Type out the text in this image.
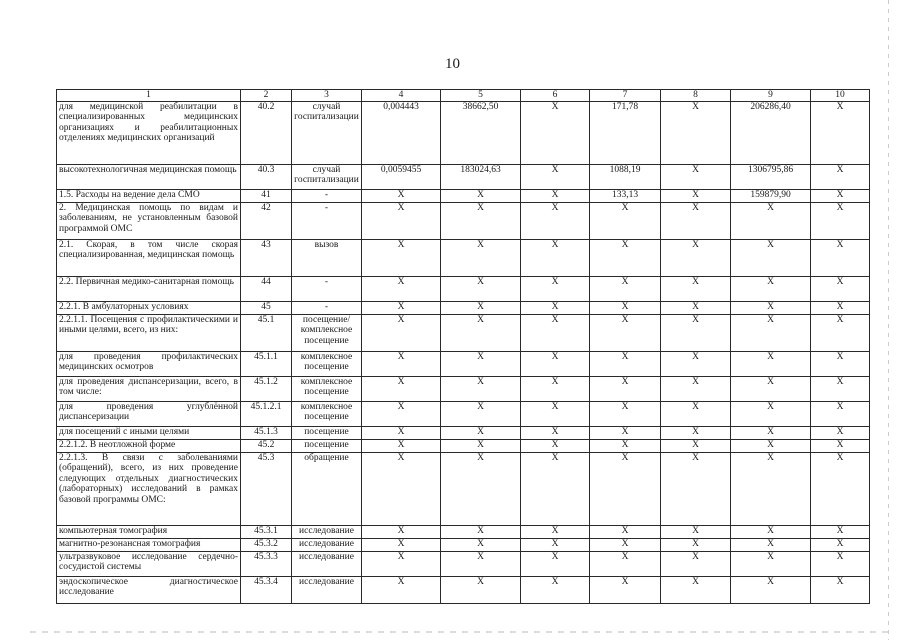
10
1	2	3	4	5	6	7	8	9	10
для медицинской реабилитации в специализированных медицинских организациях и реабилитационных отделениях медицинских организаций	40.2	случай госпитализации	0,004443	38662,50	X	171,78	X	206286,40	X
высокотехнологичная медицинская помощь	40.3	случай госпитализации	0,0059455	183024,63	X	1088,19	X	1306795,86	X
1.5. Расходы на ведение дела СМО	41	-	X	X	X	133,13	X	159879,90	X
2. Медицинская помощь по видам и заболеваниям, не установленным базовой программой ОМС	42	-	X	X	X	X	X	X	X
2.1. Скорая, в том числе скорая специализированная, медицинская помощь	43	вызов	X	X	X	X	X	X	X
2.2. Первичная медико-санитарная помощь	44	-	X	X	X	X	X	X	X
2.2.1. В амбулаторных условиях	45	-	X	X	X	X	X	X	X
2.2.1.1. Посещения с профилактическими и иными целями, всего, из них:	45.1	посещение/ комплексное посещение	X	X	X	X	X	X	X
для проведения профилактических медицинских осмотров	45.1.1	комплексное посещение	X	X	X	X	X	X	X
для проведения диспансеризации, всего, в том числе:	45.1.2	комплексное посещение	X	X	X	X	X	X	X
для проведения углублённой диспансеризации	45.1.2.1	комплексное посещение	X	X	X	X	X	X	X
для посещений с иными целями	45.1.3	посещение	X	X	X	X	X	X	X
2.2.1.2. В неотложной форме	45.2	посещение	X	X	X	X	X	X	X
2.2.1.3. В связи с заболеваниями (обращений), всего, из них проведение следующих отдельных диагностических (лабораторных) исследований в рамках базовой программы ОМС:	45.3	обращение	X	X	X	X	X	X	X
компьютерная томография	45.3.1	исследование	X	X	X	X	X	X	X
магнитно-резонансная томография	45.3.2	исследование	X	X	X	X	X	X	X
ультразвуковое исследование сердечно-сосудистой системы	45.3.3	исследование	X	X	X	X	X	X	X
эндоскопическое диагностическое исследование	45.3.4	исследование	X	X	X	X	X	X	X
